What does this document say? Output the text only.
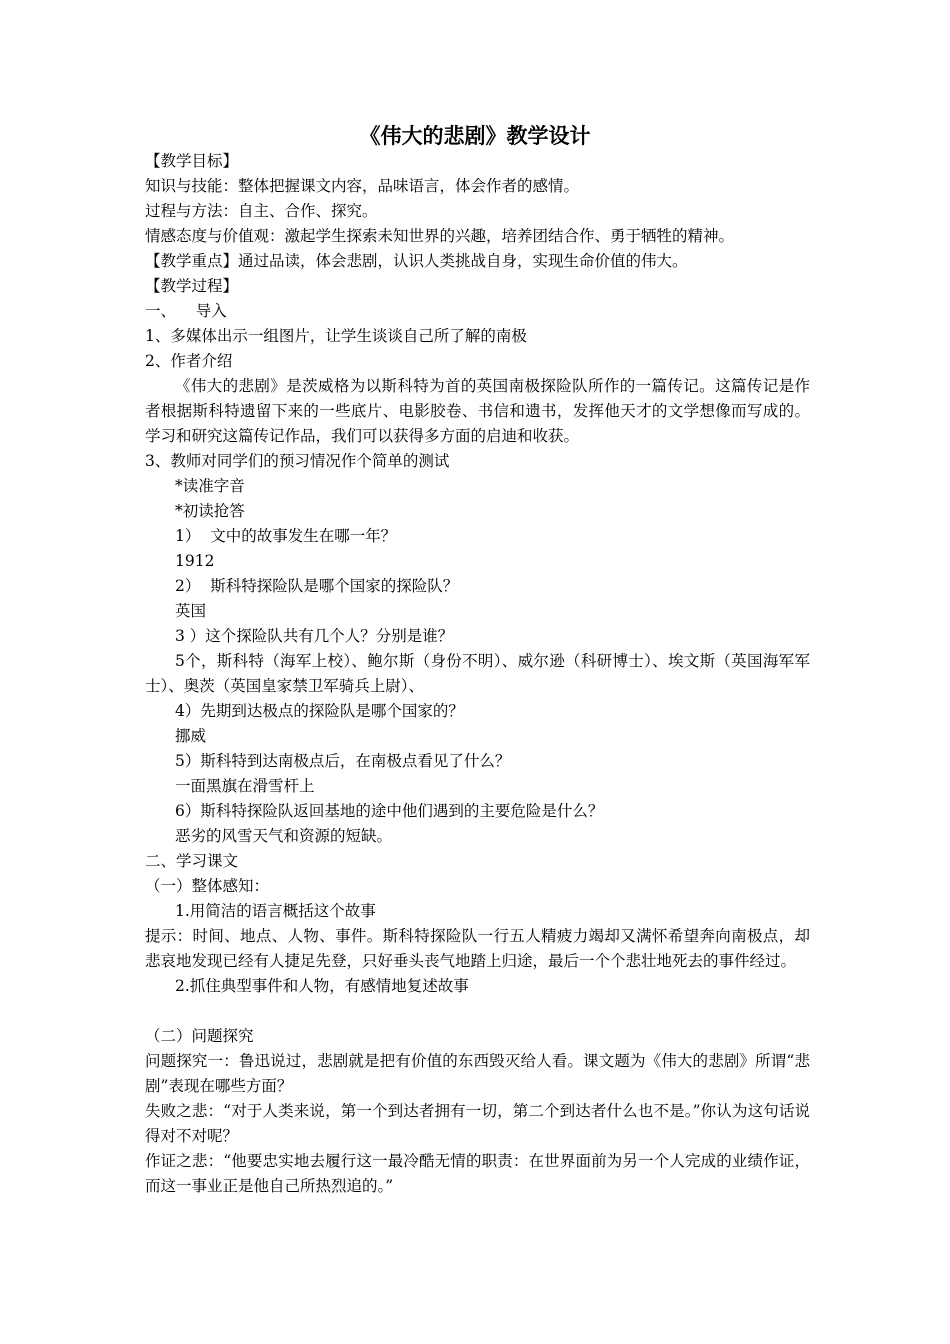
《伟大的悲剧》教学设计

【教学目标】

知识与技能：整体把握课文内容，品味语言，体会作者的感情。

过程与方法：自主、合作、探究。

情感态度与价值观：激起学生探索未知世界的兴趣，培养团结合作、勇于牺牲的精神。

【教学重点】通过品读，体会悲剧，认识人类挑战自身，实现生命价值的伟大。

【教学过程】

一、    导入

1、多媒体出示一组图片，让学生谈谈自己所了解的南极

2、作者介绍

《伟大的悲剧》是茨威格为以斯科特为首的英国南极探险队所作的一篇传记。这篇传记是作者根据斯科特遗留下来的一些底片、电影胶卷、书信和遗书，发挥他天才的文学想像而写成的。学习和研究这篇传记作品，我们可以获得多方面的启迪和收获。

3、教师对同学们的预习情况作个简单的测试

*读准字音

*初读抢答

1）  文中的故事发生在哪一年？

1912

2）  斯科特探险队是哪个国家的探险队？

英国

3 ）这个探险队共有几个人？分别是谁？

5个，斯科特（海军上校）、鲍尔斯（身份不明）、威尔逊（科研博士）、埃文斯（英国海军军士）、奥茨（英国皇家禁卫军骑兵上尉）、

4）先期到达极点的探险队是哪个国家的？

挪威

5）斯科特到达南极点后，在南极点看见了什么？

一面黑旗在滑雪杆上

6）斯科特探险队返回基地的途中他们遇到的主要危险是什么？

恶劣的风雪天气和资源的短缺。

二、学习课文

（一）整体感知：

1.用简洁的语言概括这个故事

提示：时间、地点、人物、事件。斯科特探险队一行五人精疲力竭却又满怀希望奔向南极点，却悲哀地发现已经有人捷足先登，只好垂头丧气地踏上归途，最后一个个悲壮地死去的事件经过。

2.抓住典型事件和人物，有感情地复述故事

（二）问题探究

问题探究一：鲁迅说过，悲剧就是把有价值的东西毁灭给人看。课文题为《伟大的悲剧》所谓“悲剧”表现在哪些方面？

失败之悲：“对于人类来说，第一个到达者拥有一切，第二个到达者什么也不是。”你认为这句话说得对不对呢？

作证之悲：“他要忠实地去履行这一最冷酷无情的职责：在世界面前为另一个人完成的业绩作证，而这一事业正是他自己所热烈追的。”
